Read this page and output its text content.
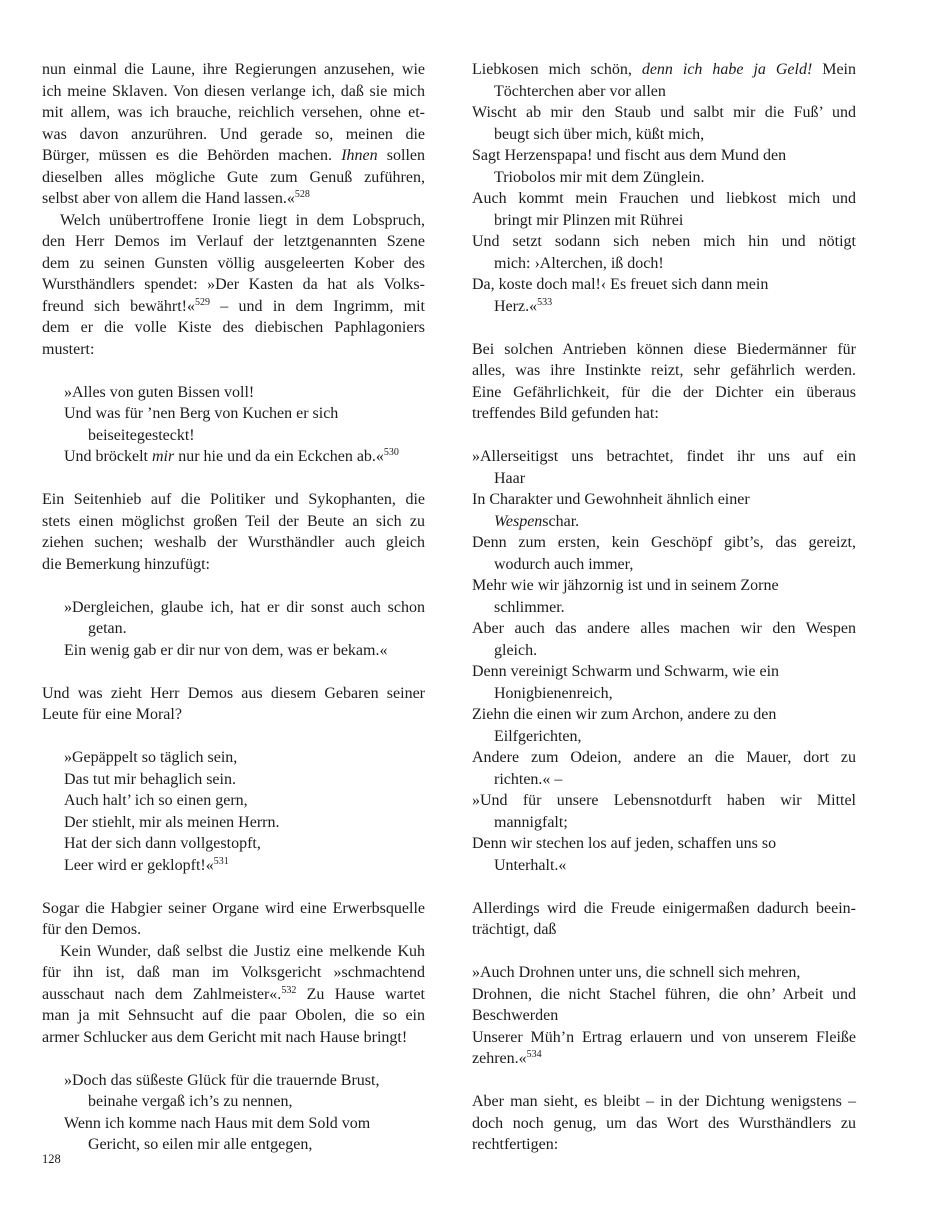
nun einmal die Laune, ihre Regierungen anzusehen, wie
ich meine Sklaven. Von diesen verlange ich, daß sie mich
mit allem, was ich brauche, reichlich versehen, ohne et-
was davon anzurühren. Und gerade so, meinen die
Bürger, müssen es die Behörden machen. Ihnen sollen
dieselben alles mögliche Gute zum Genuß zuführen,
selbst aber von allem die Hand lassen.«$^{528}$
Welch unübertroffene Ironie liegt in dem Lobspruch,
den Herr Demos im Verlauf der letztgenannten Szene
dem zu seinen Gunsten völlig ausgeleerten Kober des
Wursthändlers spendet: »Der Kasten da hat als Volks-
freund sich bewährt!«$^{529}$ – und in dem Ingrimm, mit
dem er die volle Kiste des diebischen Paphlagoniers
mustert:
»Alles von guten Bissen voll!
Und was für ’nen Berg von Kuchen er sich
beiseitegesteckt!
Und bröckelt mir nur hie und da ein Eckchen ab.«$^{530}$
Ein Seitenhieb auf die Politiker und Sykophanten, die
stets einen möglichst großen Teil der Beute an sich zu
ziehen suchen; weshalb der Wursthändler auch gleich
die Bemerkung hinzufügt:
»Dergleichen, glaube ich, hat er dir sonst auch schon
getan.
Ein wenig gab er dir nur von dem, was er bekam.«
Und was zieht Herr Demos aus diesem Gebaren seiner
Leute für eine Moral?
»Gepäppelt so täglich sein,
Das tut mir behaglich sein.
Auch halt’ ich so einen gern,
Der stiehlt, mir als meinen Herrn.
Hat der sich dann vollgestopft,
Leer wird er geklopft!«$^{531}$
Sogar die Habgier seiner Organe wird eine Erwerbsquelle
für den Demos.
Kein Wunder, daß selbst die Justiz eine melkende Kuh
für ihn ist, daß man im Volksgericht »schmachtend
ausschaut nach dem Zahlmeister«.$^{532}$ Zu Hause wartet
man ja mit Sehnsucht auf die paar Obolen, die so ein
armer Schlucker aus dem Gericht mit nach Hause bringt!
»Doch das süßeste Glück für die trauernde Brust,
beinahe vergaß ich’s zu nennen,
Wenn ich komme nach Haus mit dem Sold vom
Gericht, so eilen mir alle entgegen,
Liebkosen mich schön, denn ich habe ja Geld! Mein
Töchterchen aber vor allen
Wischt ab mir den Staub und salbt mir die Fuß’ und
beugt sich über mich, küßt mich,
Sagt Herzenspapa! und fischt aus dem Mund den
Triobolos mir mit dem Zünglein.
Auch kommt mein Frauchen und liebkost mich und
bringt mir Plinzen mit Rührei
Und setzt sodann sich neben mich hin und nötigt
mich: ›Alterchen, iß doch!
Da, koste doch mal!‹ Es freuet sich dann mein
Herz.«$^{533}$
Bei solchen Antrieben können diese Biedermänner für
alles, was ihre Instinkte reizt, sehr gefährlich werden.
Eine Gefährlichkeit, für die der Dichter ein überaus
treffendes Bild gefunden hat:
»Allerseitigst uns betrachtet, findet ihr uns auf ein
Haar
In Charakter und Gewohnheit ähnlich einer
Wespenschar.
Denn zum ersten, kein Geschöpf gibt’s, das gereizt,
wodurch auch immer,
Mehr wie wir jähzornig ist und in seinem Zorne
schlimmer.
Aber auch das andere alles machen wir den Wespen
gleich.
Denn vereinigt Schwarm und Schwarm, wie ein
Honigbienenreich,
Ziehn die einen wir zum Archon, andere zu den
Eilfgerichten,
Andere zum Odeion, andere an die Mauer, dort zu
richten.« –
»Und für unsere Lebensnotdurft haben wir Mittel
mannigfalt;
Denn wir stechen los auf jeden, schaffen uns so
Unterhalt.«
Allerdings wird die Freude einigermaßen dadurch beein-
trächtigt, daß
»Auch Drohnen unter uns, die schnell sich mehren,
Drohnen, die nicht Stachel führen, die ohn’ Arbeit und
Beschwerden
Unserer Müh’n Ertrag erlauern und von unserem Fleiße
zehren.«$^{534}$
Aber man sieht, es bleibt – in der Dichtung wenigstens –
doch noch genug, um das Wort des Wursthändlers zu
rechtfertigen:
128
